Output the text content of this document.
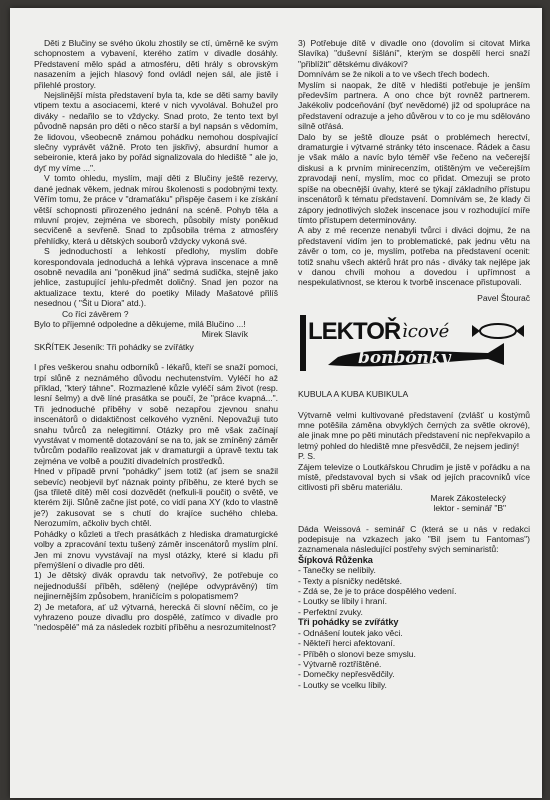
Děti z Blučiny se svého úkolu zhostily se ctí, úměrně ke svým schopnostem a vybavení, kterého zatím v divadle dosáhly. Představení mělo spád a atmosféru, děti hrály s obrovským nasazením a jejich hlasový fond ovládl nejen sál, ale jistě i přilehlé prostory.

Nejslinější místa představení byla ta, kde se děti samy bavily vtipem textu a asociacemi, které v nich vyvolával. Bohužel pro diváky - nedařilo se to vždycky. Snad proto, že tento text byl původně napsán pro děti o něco starší a byl napsán s vědomím, že lidovou, všeobecně známou pohádku nemohou dospívající slečny vyprávět vážně. Proto ten jiskřivý, absurdní humor a sebeironie, která jako by pořád signalizovala do hlediště " ale jo, dyť my víme ...".

V tomto ohledu, myslím, mají děti z Blučiny ještě rezervy, dané jednak věkem, jednak mírou školenosti s podobnými texty. Věřím tomu, že práce v "dramaťáku" přispěje časem i ke získání větší schopnosti přirozeného jednání na scéně. Pohyb těla a mluvní projev, zejména ve sborech, působily místy poněkud secvičeně a sevřeně. Snad to způsobila tréma z atmosféry přehlídky, která u dětských souborů vždycky vykoná své.

S jednoduchostí a lehkostí předlohy, myslím dobře korespondovala jednoduchá a lehká výprava inscenace a mně osobně nevadila ani "poněkud jiná" sedmá sudička, stejně jako jehlice, zastupující jehlu-předmět doličný. Snad jen pozor na aktualizace textu, které do poetiky Milady Mašatové přilíš nesednou ( "Šit u Diora" atd.).

Co říci závěrem ?

Bylo to příjemné odpoledne a děkujeme, milá Blučino ...!

Mirek Slavík

SKŘÍTEK Jeseník: Tři pohádky se zvířátky

I přes veškerou snahu odborníků - lékařů, kteří se snaží pomoci, trpí slůně z neznámého důvodu nechutenstvím. Vyléčí ho až příklad, "který táhne". Rozmazlené kůzle vyléčí sám život (resp. lesní šelmy) a dvě líné prasátka se poučí, že "práce kvapná...". Tři jednoduché příběhy v sobě nezapřou zjevnou snahu inscenátorů o didaktičnost celkového vyznění. Nepovažuji tuto snahu tvůrců za nelegitimní. Otázky pro mě však začínají vyvstávat v momentě dotazování se na to, jak se zmíněný záměr tvůrcům podařilo realizovat jak v dramaturgii a úpravě textu tak zejména ve volbě a použití divadelních prostředků.

Hned v případě první "pohádky" jsem totiž (ať jsem se snažil sebevíc) neobjevil byť náznak pointy příběhu, ze které bych se (jsa třiletě dítě) měl cosi dozvědět (nefkuli-li poučit) o světě, ve kterém žiji. Slůně začne jíst poté, co vidí pana XY (kdo to vlastně je?) zakusovat se s chutí do krajíce suchého chleba. Nerozumím, ačkoliv bych chtěl.

Pohádky o kůzleti a třech prasátkách z hlediska dramaturgické volby a zpracování textu tušený záměr inscenátorů myslím plní. Jen mi znovu vyvstávají na mysl otázky, které si kladu při přemýšlení o divadle pro děti.

1) Je dětský divák opravdu tak netvořivý, že potřebuje co nejjednodušší příběh, sdělený (nejlépe odvyprávěný) tím nejjinernějším způsobem, hraničícím s polopatismem?

2) Je metafora, ať už výtvarná, herecká či slovní něčím, co je vyhrazeno pouze divadlu pro dospělé, zatímco v divadle pro "nedospělé" má za následek rozbití příběhu a nesrozumitelnost?

3) Potřebuje dítě v divadle ono (dovolím si citovat Mirka Slavíka) "duševní šišlání", kterým se dospělí herci snaží "přiblížit" dětskému divákovi?

Domnívám se že nikoli a to ve všech třech bodech.

Myslím si naopak, že dítě v hledišti potřebuje je jenším především partnera. A ono chce být rovněž partnerem. Jakékoliv podceňování (byť nevědomé) již od spolupráce na představení odrazuje a jeho důvěrou v to co je mu sdělováno silně otřásá.

Dalo by se ještě dlouze psát o problémech herectví, dramaturgie i výtvarné stránky této inscenace. Řádek a času je však málo a navíc bylo téměř vše řečeno na večerejší diskusi a k prvním minirecenzím, otištěným ve večerejším zpravodaji není, myslím, moc co přidat. Omezuji se proto spíše na obecnější úvahy, které se týkají základního přístupu inscenátorů k tématu představení. Domnívám se, že klady či zápory jednotlivých složek inscenace jsou v rozhodující míře tímto přístupem determinovány.

A aby z mé recenze nenabyli tvůrci i diváci dojmu, že na představení vidím jen to problematické, pak jednu větu na závěr o tom, co je, myslím, potřeba na představení ocenit: totiž snahu všech aktérů hrát pro nás - diváky tak nejlépe jak v danou chvíli mohou a dovedou i upřímnost a nespekulativnost, se kterou k tvorbě inscenace přistupovali.

Pavel Štourač

LEKTOŘ ìcové
bonbónky

KUBULA A KUBA KUBIKULA

Výtvarně velmi kultivované představení (zvlášť u kostýmů mne potěšila záměna obvyklých černých za světle okrové), ale jinak mne po pěti minutách představení nic nepřekvapilo a letmý pohled do hlediště mne přesvědčil, že nejsem jediný!

P. S.

Zájem televize o Loutkářskou Chrudim je jistě v pořádku a na místě, představoval bych si však od jejích pracovníků více citlivosti při sběru materiálu.

Marek Zákostelecký

lektor - seminář "B"

Dáda Weissová - seminář C (která se u nás v redakci podepisuje na vzkazech jako "Bil jsem tu Fantomas") zaznamenala následující postřehy svých seminaristů:

Šípková Růženka

- Tanečky se nelíbily.

- Texty a písničky nedětské.

- Zdá se, že je to práce dospělého vedení.

- Loutky se líbily i hraní.

- Perfektní zvuky.

Tři pohádky se zvířátky

- Odnášení loutek jako věci.

- Někteří herci afektovaní.

- Příběh o slonovi beze smyslu.

- Výtvarně roztříštěné.

- Domečky nepřesvědčily.

- Loutky se vcelku líbily.
